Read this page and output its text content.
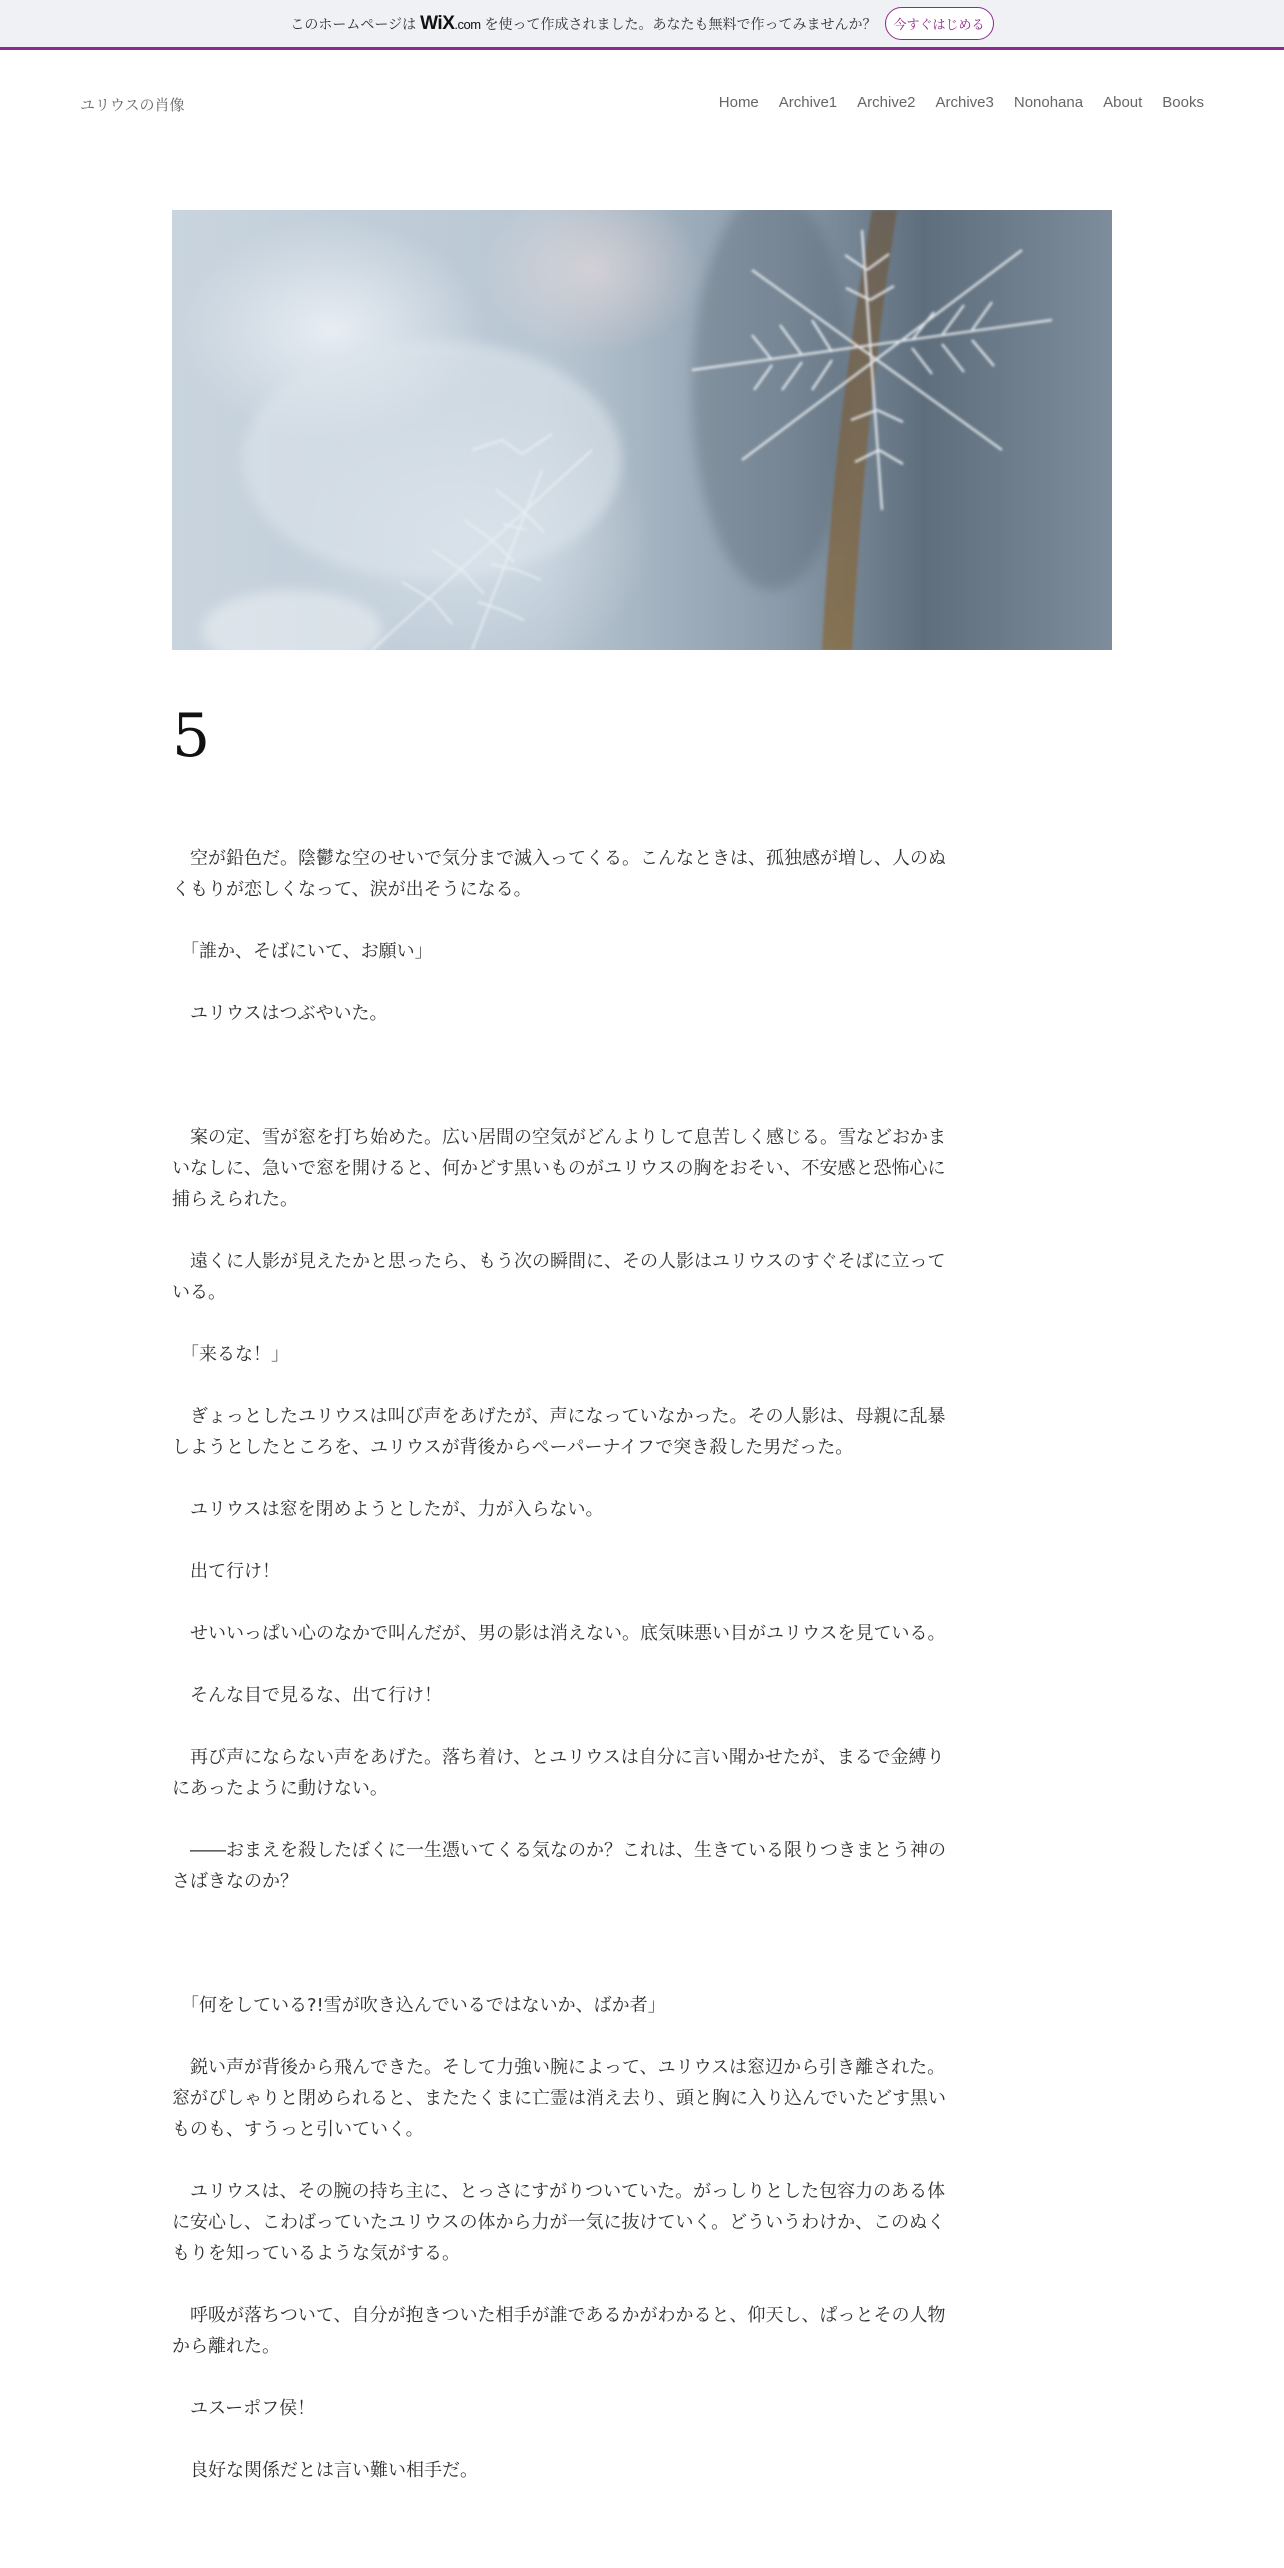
このホームページは WiX.com を使って作成されました。あなたも無料で作ってみませんか？	今すぐはじめる
ユリウスの肖像	Home Archive1 Archive2 Archive3 Nonohana About Books
5

　空が鉛色だ。陰鬱な空のせいで気分まで滅入ってくる。こんなときは、孤独感が増し、人のぬくもりが恋しくなって、涙が出そうになる。

　「誰か、そばにいて、お願い」

　ユリウスはつぶやいた。

　案の定、雪が窓を打ち始めた。広い居間の空気がどんよりして息苦しく感じる。雪などおかまいなしに、急いで窓を開けると、何かどす黒いものがユリウスの胸をおそい、不安感と恐怖心に捕らえられた。

　遠くに人影が見えたかと思ったら、もう次の瞬間に、その人影はユリウスのすぐそばに立っている。

　「来るな！」

　ぎょっとしたユリウスは叫び声をあげたが、声になっていなかった。その人影は、母親に乱暴しようとしたところを、ユリウスが背後からペーパーナイフで突き殺した男だった。

　ユリウスは窓を閉めようとしたが、力が入らない。

　出て行け！

　せいいっぱい心のなかで叫んだが、男の影は消えない。底気味悪い目がユリウスを見ている。

　そんな目で見るな、出て行け！

　再び声にならない声をあげた。落ち着け、とユリウスは自分に言い聞かせたが、まるで金縛りにあったように動けない。

　――おまえを殺したぼくに一生憑いてくる気なのか？これは、生きている限りつきまとう神のさばきなのか？

　「何をしている?!雪が吹き込んでいるではないか、ばか者」

　鋭い声が背後から飛んできた。そして力強い腕によって、ユリウスは窓辺から引き離された。窓がぴしゃりと閉められると、またたくまに亡霊は消え去り、頭と胸に入り込んでいたどす黒いものも、すうっと引いていく。

　ユリウスは、その腕の持ち主に、とっさにすがりついていた。がっしりとした包容力のある体に安心し、こわばっていたユリウスの体から力が一気に抜けていく。どういうわけか、このぬくもりを知っているような気がする。

　呼吸が落ちついて、自分が抱きついた相手が誰であるかがわかると、仰天し、ぱっとその人物から離れた。

　ユスーポフ侯！

　良好な関係だとは言い難い相手だ。
